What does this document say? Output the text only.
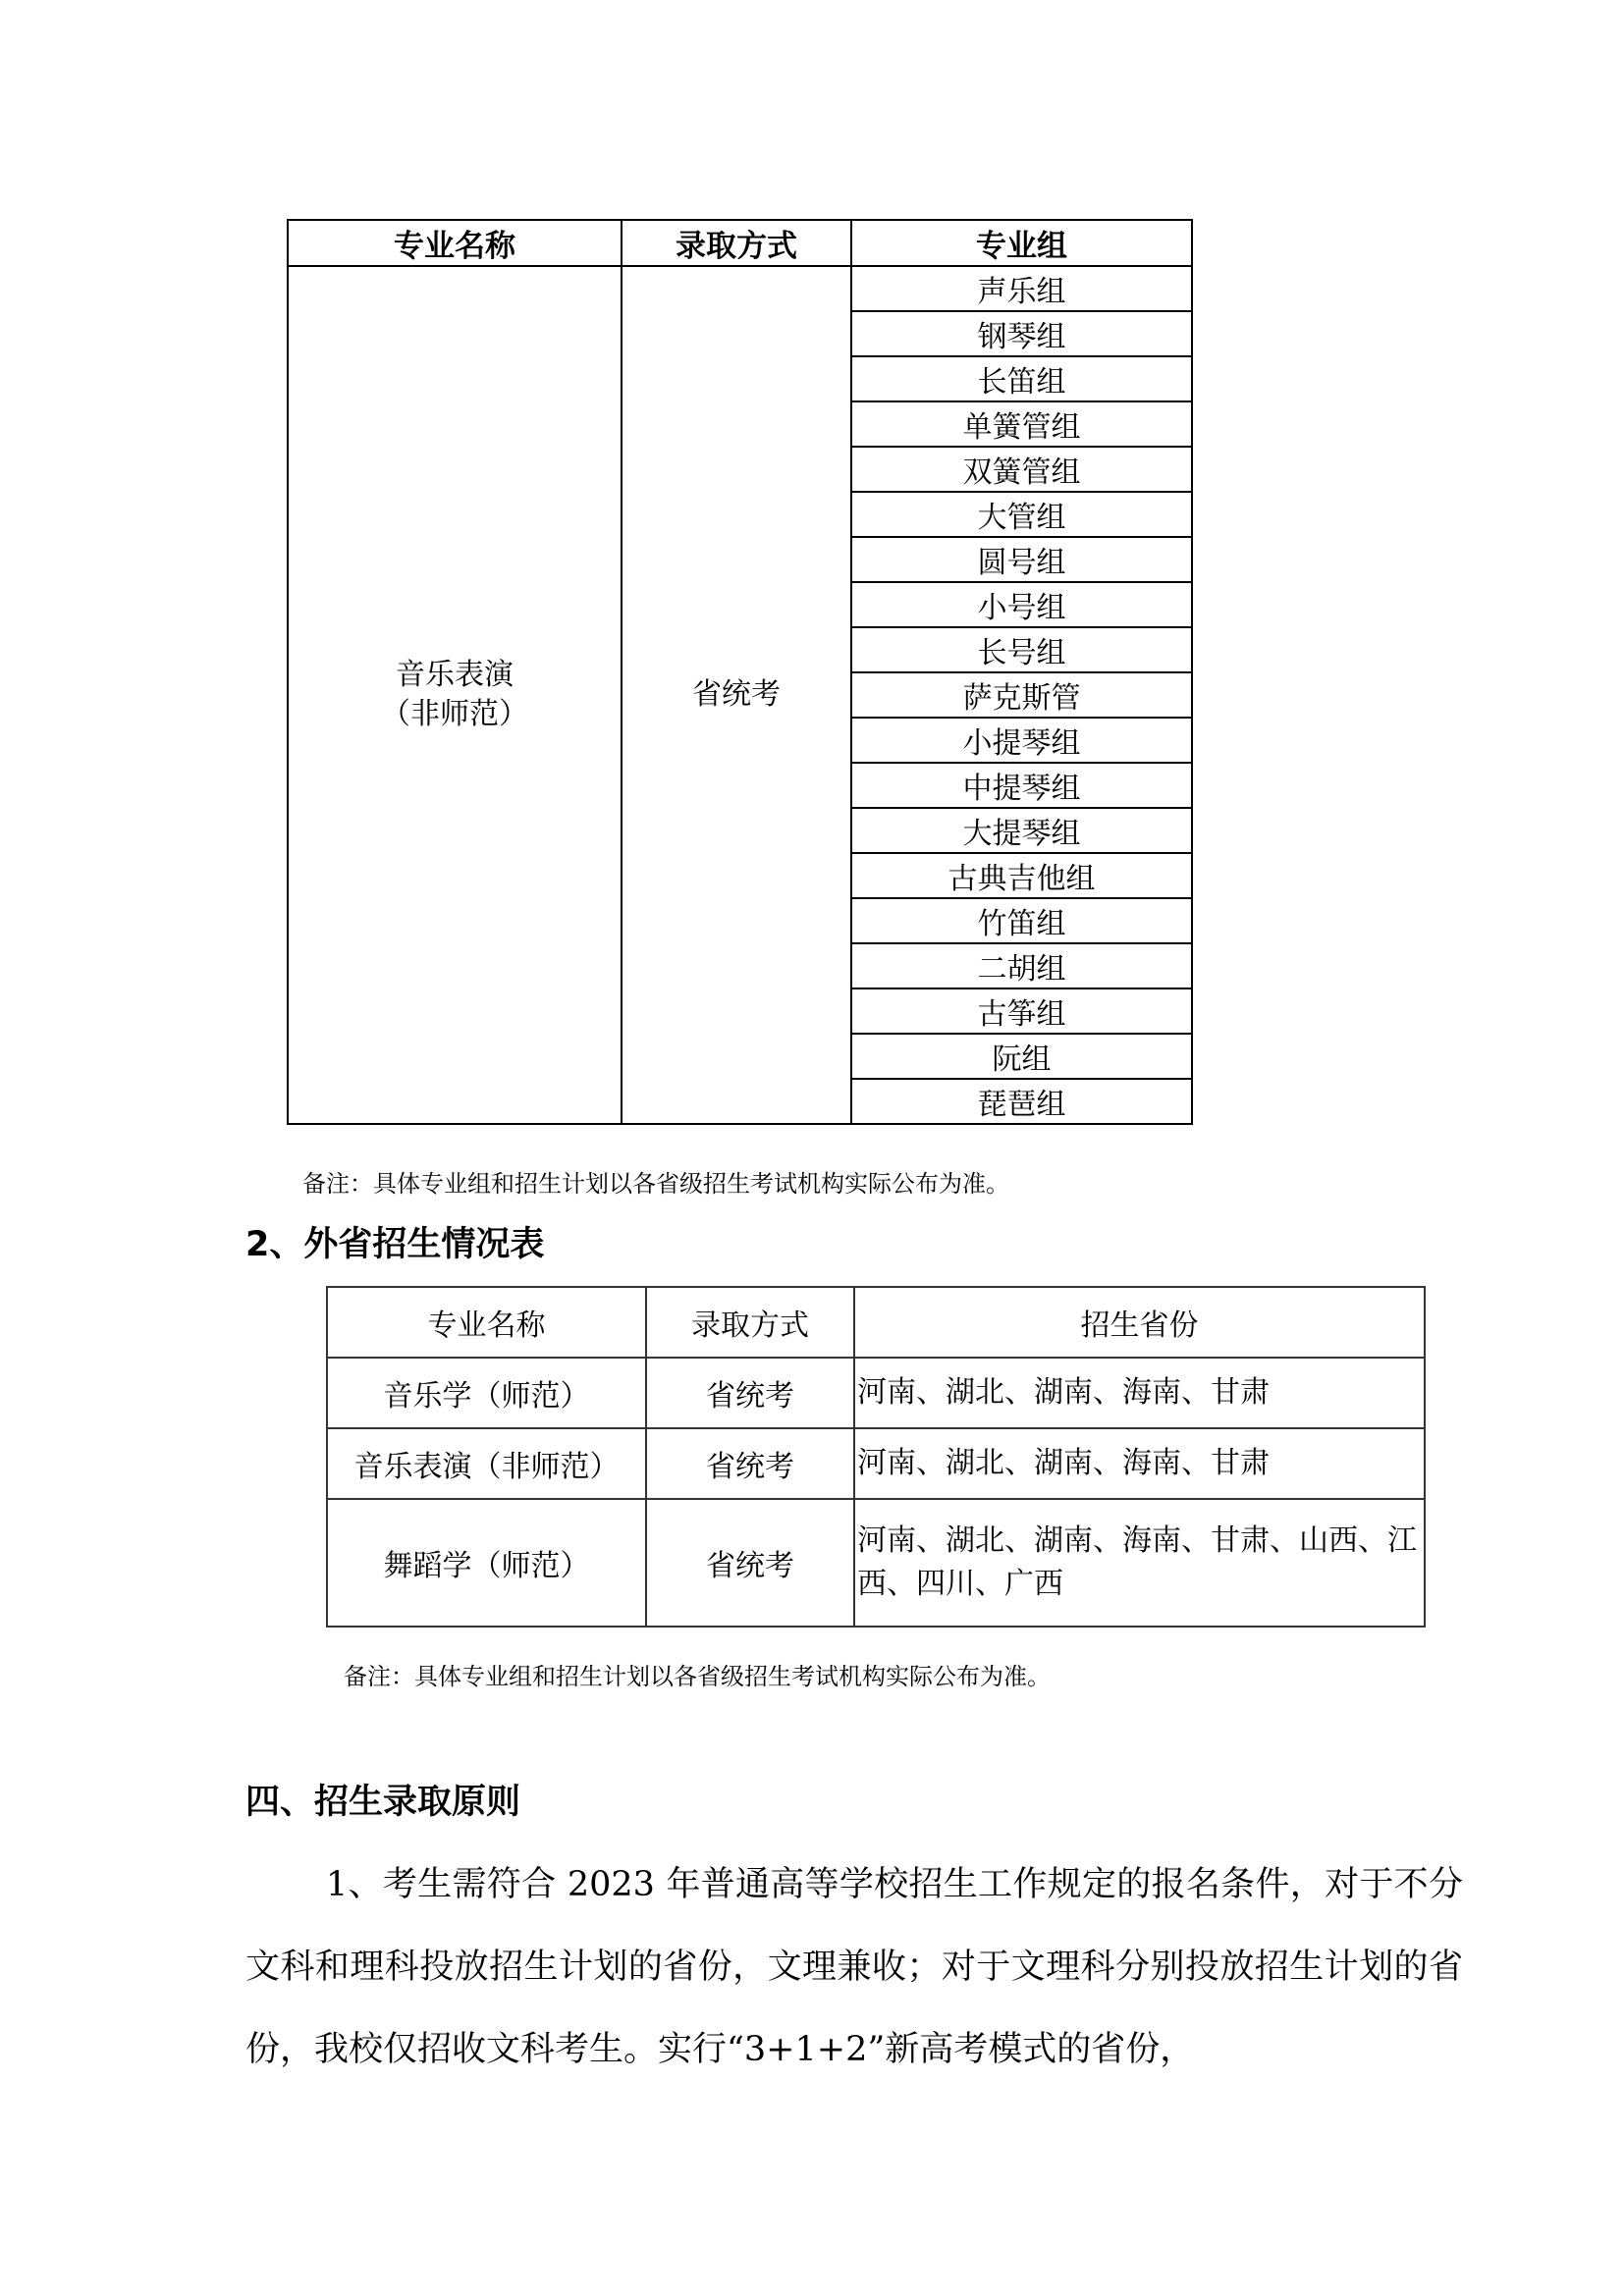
专业名称	录取方式	专业组

音乐表演
（非师范）	省统考	声乐组
		钢琴组
		长笛组
		单簧管组
		双簧管组
		大管组
		圆号组
		小号组
		长号组
		萨克斯管
		小提琴组
		中提琴组
		大提琴组
		古典吉他组
		竹笛组
		二胡组
		古筝组
		阮组
		琵琶组
备注：具体专业组和招生计划以各省级招生考试机构实际公布为准。
2、外省招生情况表
专业名称	录取方式	招生省份
音乐学（师范）	省统考	河南、湖北、湖南、海南、甘肃
音乐表演（非师范）	省统考	河南、湖北、湖南、海南、甘肃
舞蹈学（师范）	省统考	河南、湖北、湖南、海南、甘肃、山西、江西、四川、广西
备注：具体专业组和招生计划以各省级招生考试机构实际公布为准。
四、招生录取原则
1、考生需符合 2023 年普通高等学校招生工作规定的报名条件，对于不分文科和理科投放招生计划的省份，文理兼收；对于文理科分别投放招生计划的省份，我校仅招收文科考生。实行“3+1+2”新高考模式的省份，
